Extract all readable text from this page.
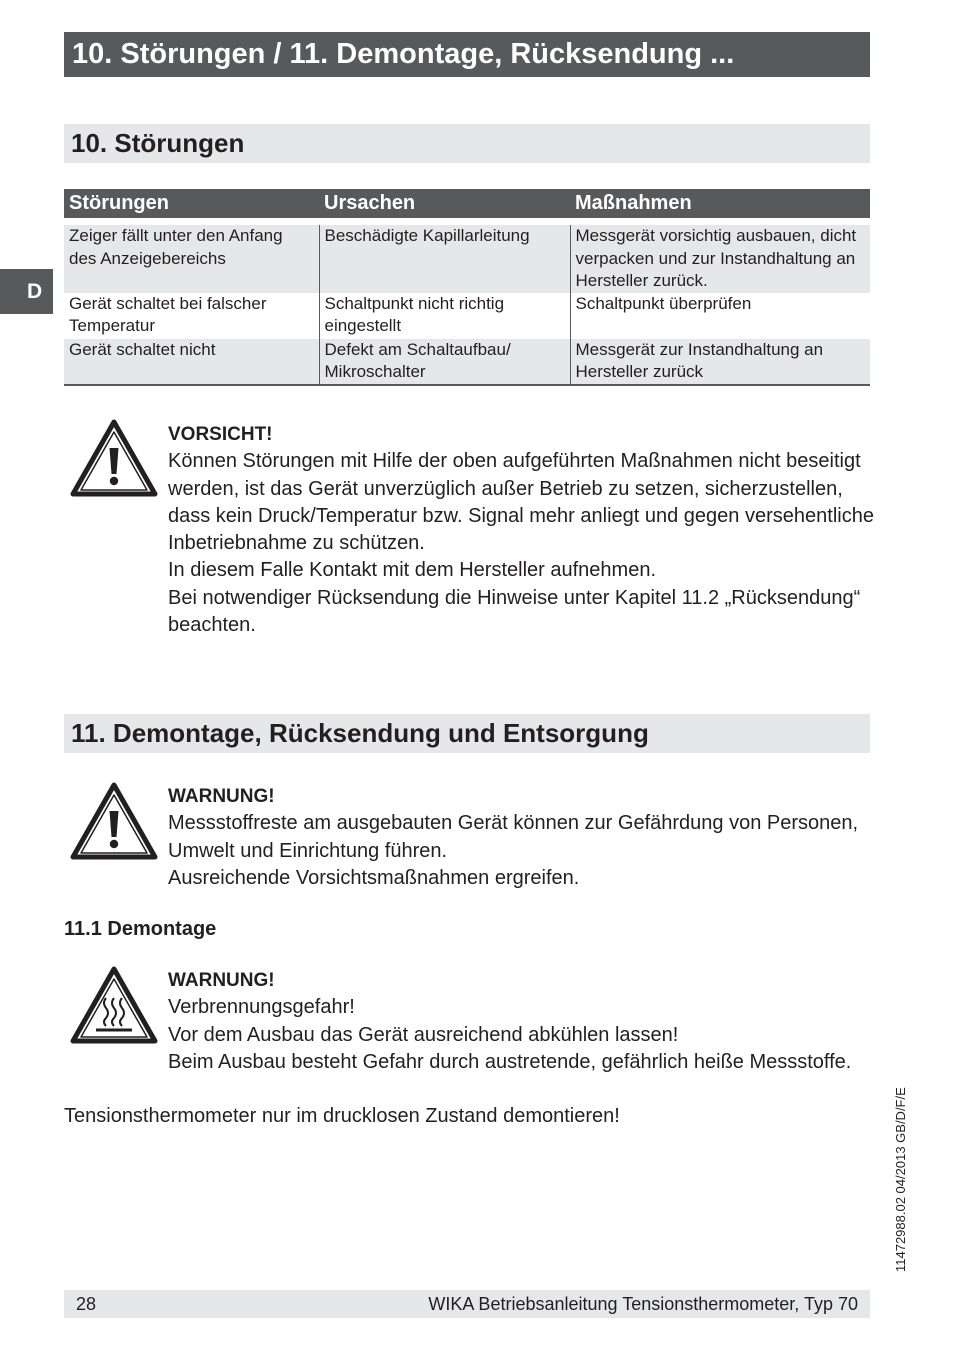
10. Störungen / 11. Demontage, Rücksendung ...
D
10. Störungen
Störungen	Ursachen	Maßnahmen
Zeiger fällt unter den Anfang des Anzeigebereichs	Beschädigte Kapillarleitung	Messgerät vorsichtig ausbauen, dicht verpacken und zur Instandhaltung an Hersteller zurück.
Gerät schaltet bei falscher Temperatur	Schaltpunkt nicht richtig eingestellt	Schaltpunkt überprüfen
Gerät schaltet nicht	Defekt am Schaltaufbau/ Mikroschalter	Messgerät zur Instandhaltung an Hersteller zurück
VORSICHT!
Können Störungen mit Hilfe der oben aufgeführten Maßnahmen nicht beseitigt werden, ist das Gerät unverzüglich außer Betrieb zu setzen, sicherzustellen, dass kein Druck/Temperatur bzw. Signal mehr anliegt und gegen versehentliche Inbetriebnahme zu schützen.
In diesem Falle Kontakt mit dem Hersteller aufnehmen.
Bei notwendiger Rücksendung die Hinweise unter Kapitel 11.2 „Rücksendung“ beachten.
11. Demontage, Rücksendung und Entsorgung
WARNUNG!
Messstoffreste am ausgebauten Gerät können zur Gefährdung von Personen, Umwelt und Einrichtung führen.
Ausreichende Vorsichtsmaßnahmen ergreifen.
11.1 Demontage
WARNUNG!
Verbrennungsgefahr!
Vor dem Ausbau das Gerät ausreichend abkühlen lassen!
Beim Ausbau besteht Gefahr durch austretende, gefährlich heiße Messstoffe.
Tensionsthermometer nur im drucklosen Zustand demontieren!	11472988.02 04/2013 GB/D/F/E
28	WIKA Betriebsanleitung Tensionsthermometer, Typ 70
